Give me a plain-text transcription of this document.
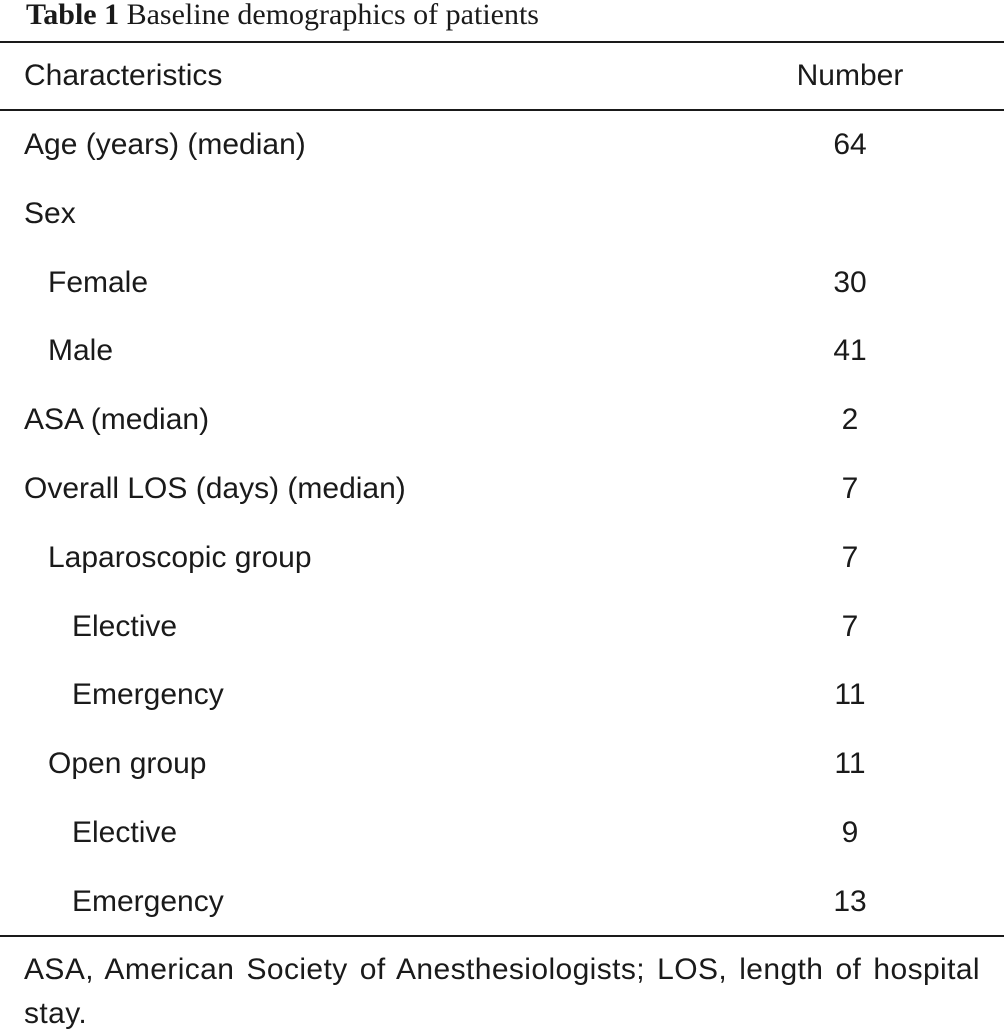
Table 1 Baseline demographics of patients
Characteristics	Number
Age (years) (median)	64
Sex
Female	30
Male	41
ASA (median)	2
Overall LOS (days) (median)	7
Laparoscopic group	7
Elective	7
Emergency	11
Open group	11
Elective	9
Emergency	13
ASA, American Society of Anesthesiologists; LOS, length of hospital stay.
